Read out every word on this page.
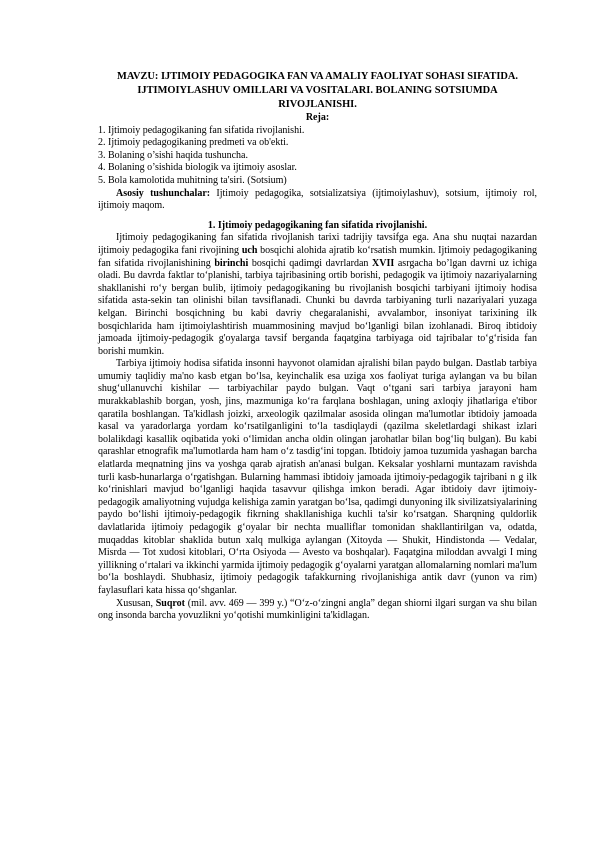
MAVZU: IJTIMOIY PEDAGOGIKA FAN VA AMALIY FAOLIYAT SOHASI SIFATIDA. IJTIMOIYLASHUV OMILLARI VA VOSITALARI. BOLANING SOTSIUMDA RIVOJLANISHI.

Reja:

1. Ijtimoiy pedagogikaning fan sifatida rivojlanishi.
2. Ijtimoiy pedagogikaning predmeti va ob'ekti.
3. Bolaning o’sishi haqida tushuncha.
4. Bolaning o’sishida biologik va ijtimoiy asoslar.
5. Bola kamolotida muhitning ta'siri. (Sotsium)

Asosiy tushunchalar: Ijtimoiy pedagogika, sotsializatsiya (ijtimoiylashuv), sotsium, ijtimoiy rol, ijtimoiy maqom.

1. Ijtimoiy pedagogikaning fan sifatida rivojlanishi.

Ijtimoiy pedagogikaning fan sifatida rivojlanish tarixi tadrijiy tavsifga ega. Ana shu nuqtai nazardan ijtimoiy pedagogika fani rivojining uch bosqichi alohida ajratib ko‘rsatish mumkin. Ijtimoiy pedagogikaning fan sifatida rivojlanishining birinchi bosqichi qadimgi davrlardan XVII asrgacha bo’lgan davrni uz ichiga oladi. Bu davrda faktlar to‘planishi, tarbiya tajribasining ortib borishi, pedagogik va ijtimoiy nazariyalarning shakllanishi ro‘y bergan bulib, ijtimoiy pedagogikaning bu rivojlanish bosqichi tarbiyani ijtimoiy hodisa sifatida asta-sekin tan olinishi bilan tavsiflanadi. Chunki bu davrda tarbiyaning turli nazariyalari yuzaga kelgan. Birinchi bosqichning bu kabi davriy chegaralanishi, avvalambor, insoniyat tarixining ilk bosqichlarida ham ijtimoiylashtirish muammosining mavjud bo‘lganligi bilan izohlanadi. Biroq ibtidoiy jamoada ijtimoiy-pedagogik g'oyalarga tavsif berganda faqatgina tarbiyaga oid tajribalar to‘g‘risida fan borishi mumkin.

Tarbiya ijtimoiy hodisa sifatida insonni hayvonot olamidan ajralishi bilan paydo bulgan. Dastlab tarbiya umumiy taqlidiy ma'no kasb etgan bo‘lsa, keyinchalik esa uziga xos faoliyat turiga aylangan va bu bilan shug‘ullanuvchi kishilar — tarbiyachilar paydo bulgan. Vaqt o‘tgani sari tarbiya jarayoni ham murakkablashib borgan, yosh, jins, mazmuniga ko‘ra farqlana boshlagan, uning axloqiy jihatlariga e'tibor qaratila boshlangan. Ta'kidlash joizki, arxeologik qazilmalar asosida olingan ma'lumotlar ibtidoiy jamoada kasal va yaradorlarga yordam ko‘rsatilganligini to‘la tasdiqlaydi (qazilma skeletlardagi shikast izlari bolalikdagi kasallik oqibatida yoki o‘limidan ancha oldin olingan jarohatlar bilan bog‘liq bulgan). Bu kabi qarashlar etnografik ma'lumotlarda ham ham o‘z tasdig‘ini topgan. Ibtidoiy jamoa tuzumida yashagan barcha elatlarda meqnatning jins va yoshga qarab ajratish an'anasi bulgan. Keksalar yoshlarni muntazam ravishda turli kasb-hunarlarga o‘rgatishgan. Bularning hammasi ibtidoiy jamoada ijtimoiy-pedagogik tajribani n g ilk ko‘rinishlari mavjud bo‘lganligi haqida tasavvur qilishga imkon beradi. Agar ibtidoiy davr ijtimoiy-pedagogik amaliyotning vujudga kelishiga zamin yaratgan bo‘lsa, qadimgi dunyoning ilk sivilizatsiyalarining paydo bo‘lishi ijtimoiy-pedagogik fikrning shakllanishiga kuchli ta'sir ko‘rsatgan. Sharqning quldorlik davlatlarida ijtimoiy pedagogik g‘oyalar bir nechta mualliflar tomonidan shakllantirilgan va, odatda, muqaddas kitoblar shaklida butun xalq mulkiga aylangan (Xitoyda — Shukit, Hindistonda — Vedalar, Misrda — Tot xudosi kitoblari, O‘rta Osiyoda — Avesto va boshqalar). Faqatgina miloddan avvalgi I ming yillikning o‘rtalari va ikkinchi yarmida ijtimoiy pedagogik g‘oyalarni yaratgan allomalarning nomlari ma'lum bo‘la boshlaydi. Shubhasiz, ijtimoiy pedagogik tafakkurning rivojlanishiga antik davr (yunon va rim) faylasuflari kata hissa qo‘shganlar.

Xususan, Suqrot (mil. avv. 469 — 399 y.) “O‘z-o‘zingni angla” degan shiorni ilgari surgan va shu bilan ong insonda barcha yovuzlikni yo‘qotishi mumkinligini ta'kidlagan.
